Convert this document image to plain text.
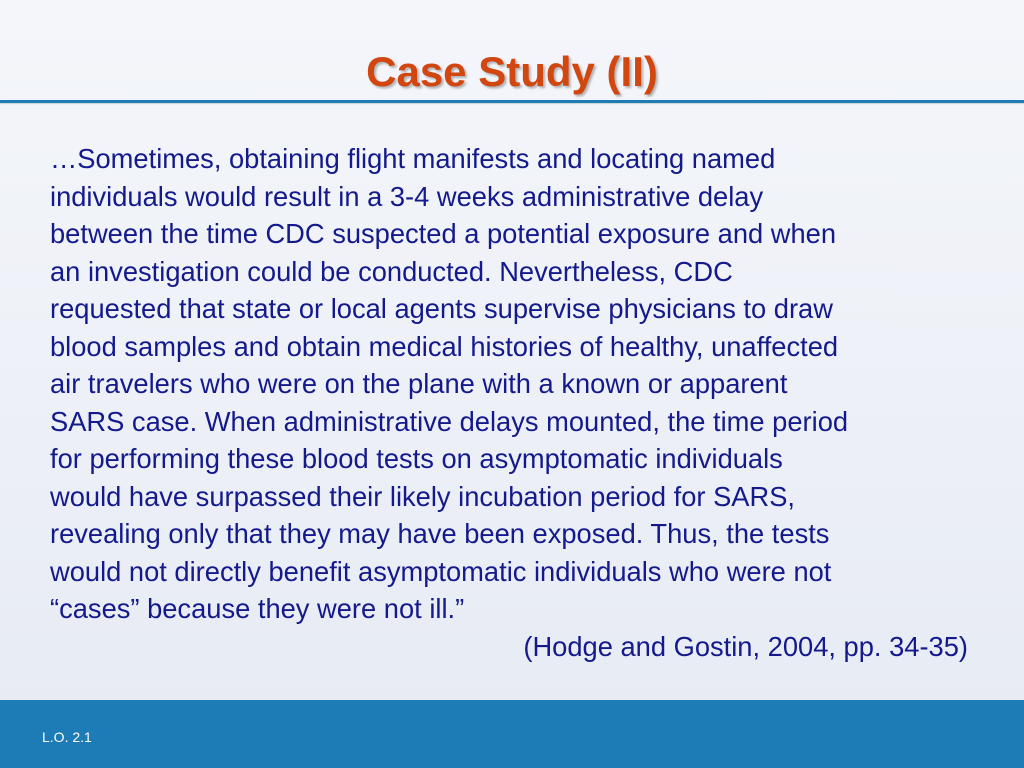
Case Study (II)
…Sometimes, obtaining flight manifests and locating named
individuals would result in a 3-4 weeks administrative delay
between the time CDC suspected a potential exposure and when
an investigation could be conducted. Nevertheless, CDC
requested that state or local agents supervise physicians to draw
blood samples and obtain medical histories of healthy, unaffected
air travelers who were on the plane with a known or apparent
SARS case. When administrative delays mounted, the time period
for performing these blood tests on asymptomatic individuals
would have surpassed their likely incubation period for SARS,
revealing only that they may have been exposed. Thus, the tests
would not directly benefit asymptomatic individuals who were not
“cases” because they were not ill.”
(Hodge and Gostin, 2004, pp. 34-35)
L.O. 2.1
